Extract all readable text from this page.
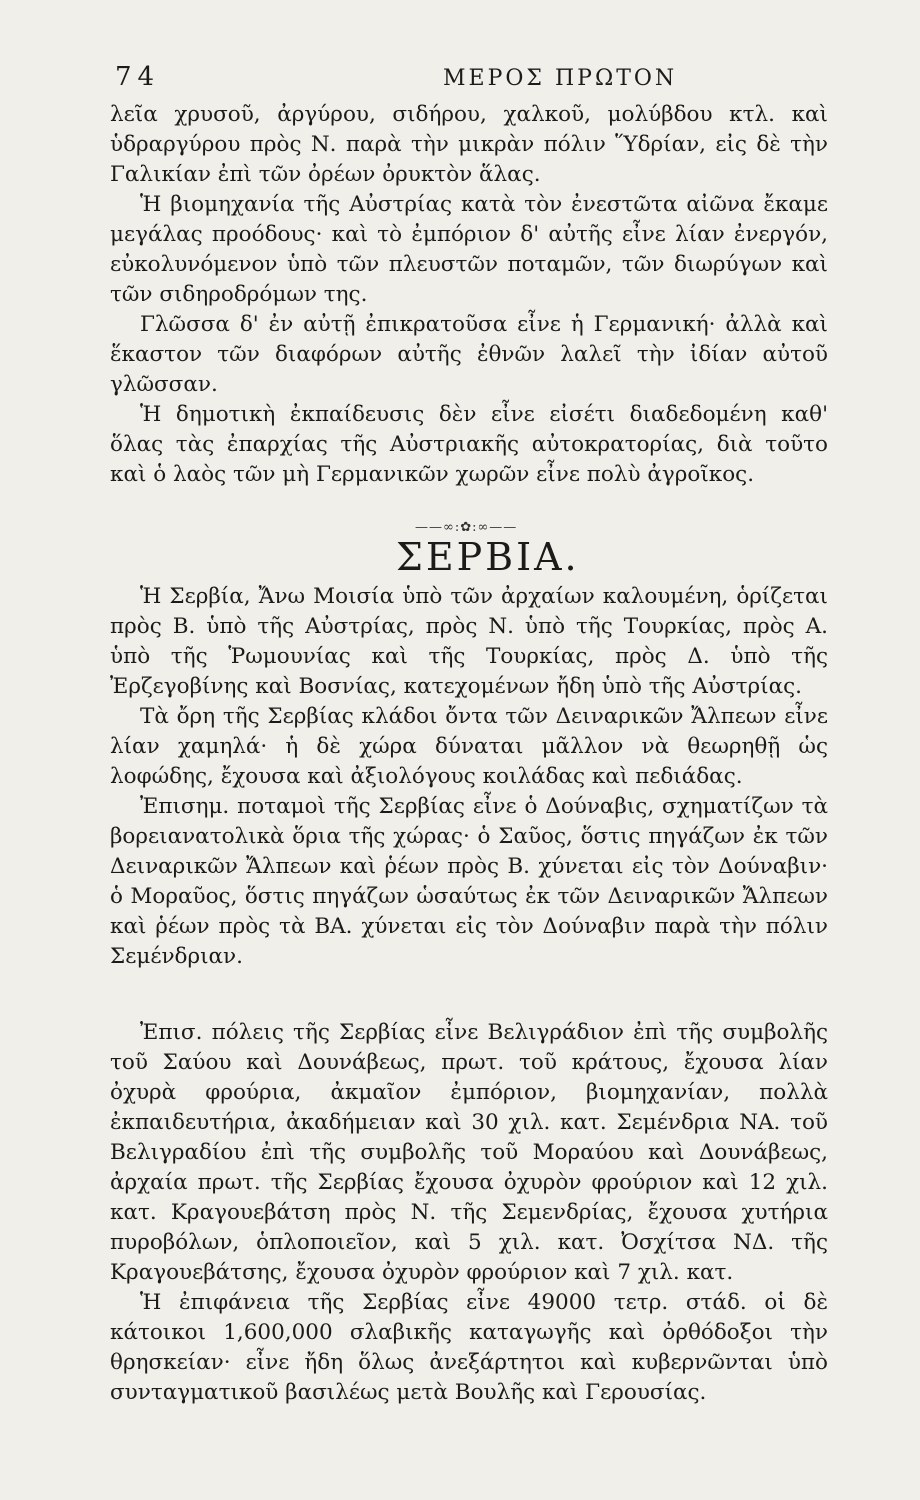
74	ΜΕΡΟΣ ΠΡΩΤΟΝ

λεῖα χρυσοῦ, ἀργύρου, σιδήρου, χαλκοῦ, μολύβδου κτλ. καὶ ὑδραργύρου πρὸς Ν. παρὰ τὴν μικρὰν πόλιν Ὕδρίαν, εἰς δὲ τὴν Γαλικίαν ἐπὶ τῶν ὀρέων ὀρυκτὸν ἅλας.

Ἡ βιομηχανία τῆς Αὐστρίας κατὰ τὸν ἐνεστῶτα αἰῶνα ἔκαμε μεγάλας προόδους· καὶ τὸ ἐμπόριον δ' αὐτῆς εἶνε λίαν ἐνεργόν, εὐκολυνόμενον ὑπὸ τῶν πλευστῶν ποταμῶν, τῶν διωρύγων καὶ τῶν σιδηροδρόμων της.

Γλῶσσα δ' ἐν αὐτῇ ἐπικρατοῦσα εἶνε ἡ Γερμανική· ἀλλὰ καὶ ἕκαστον τῶν διαφόρων αὐτῆς ἐθνῶν λαλεῖ τὴν ἰδίαν αὐτοῦ γλῶσσαν.

Ἡ δημοτικὴ ἐκπαίδευσις δὲν εἶνε εἰσέτι διαδεδομένη καθ' ὅλας τὰς ἐπαρχίας τῆς Αὐστριακῆς αὐτοκρατορίας, διὰ τοῦτο καὶ ὁ λαὸς τῶν μὴ Γερμανικῶν χωρῶν εἶνε πολὺ ἀγροῖκος.

——∞:✿:∞——
ΣΕΡΒΙΑ.

Ἡ Σερβία, Ἄνω Μοισία ὑπὸ τῶν ἀρχαίων καλουμένη, ὁρίζεται πρὸς Β. ὑπὸ τῆς Αὐστρίας, πρὸς Ν. ὑπὸ τῆς Τουρκίας, πρὸς Α. ὑπὸ τῆς Ῥωμουνίας καὶ τῆς Τουρκίας, πρὸς Δ. ὑπὸ τῆς Ἐρζεγοβίνης καὶ Βοσνίας, κατεχομένων ἤδη ὑπὸ τῆς Αὐστρίας.

Τὰ ὄρη τῆς Σερβίας κλάδοι ὄντα τῶν Δειναρικῶν Ἄλπεων εἶνε λίαν χαμηλά· ἡ δὲ χώρα δύναται μᾶλλον νὰ θεωρηθῇ ὡς λοφώδης, ἔχουσα καὶ ἀξιολόγους κοιλάδας καὶ πεδιάδας.

Ἐπισημ. ποταμοὶ τῆς Σερβίας εἶνε ὁ Δούναβις, σχηματίζων τὰ βορειανατολικὰ ὅρια τῆς χώρας· ὁ Σαῦος, ὅστις πηγάζων ἐκ τῶν Δειναρικῶν Ἄλπεων καὶ ῥέων πρὸς Β. χύνεται εἰς τὸν Δούναβιν· ὁ Μοραῦος, ὅστις πηγάζων ὡσαύτως ἐκ τῶν Δειναρικῶν Ἄλπεων καὶ ῥέων πρὸς τὰ ΒΑ. χύνεται εἰς τὸν Δούναβιν παρὰ τὴν πόλιν Σεμένδριαν.

Ἐπισ. πόλεις τῆς Σερβίας εἶνε Βελιγράδιον ἐπὶ τῆς συμβολῆς τοῦ Σαύου καὶ Δουνάβεως, πρωτ. τοῦ κράτους, ἔχουσα λίαν ὀχυρὰ φρούρια, ἀκμαῖον ἐμπόριον, βιομηχανίαν, πολλὰ ἐκπαιδευτήρια, ἀκαδήμειαν καὶ 30 χιλ. κατ. Σεμένδρια ΝΑ. τοῦ Βελιγραδίου ἐπὶ τῆς συμβολῆς τοῦ Μοραύου καὶ Δουνάβεως, ἀρχαία πρωτ. τῆς Σερβίας ἔχουσα ὀχυρὸν φρούριον καὶ 12 χιλ. κατ. Κραγουεβάτση πρὸς Ν. τῆς Σεμενδρίας, ἔχουσα χυτήρια πυροβόλων, ὁπλοποιεῖον, καὶ 5 χιλ. κατ. Ὀσχίτσα ΝΔ. τῆς Κραγουεβάτσης, ἔχουσα ὀχυρὸν φρούριον καὶ 7 χιλ. κατ.

Ἡ ἐπιφάνεια τῆς Σερβίας εἶνε 49000 τετρ. στάδ. οἱ δὲ κάτοικοι 1,600,000 σλαβικῆς καταγωγῆς καὶ ὀρθόδοξοι τὴν θρησκείαν· εἶνε ἤδη ὅλως ἀνεξάρτητοι καὶ κυβερνῶνται ὑπὸ συνταγματικοῦ βασιλέως μετὰ Βουλῆς καὶ Γερουσίας.
